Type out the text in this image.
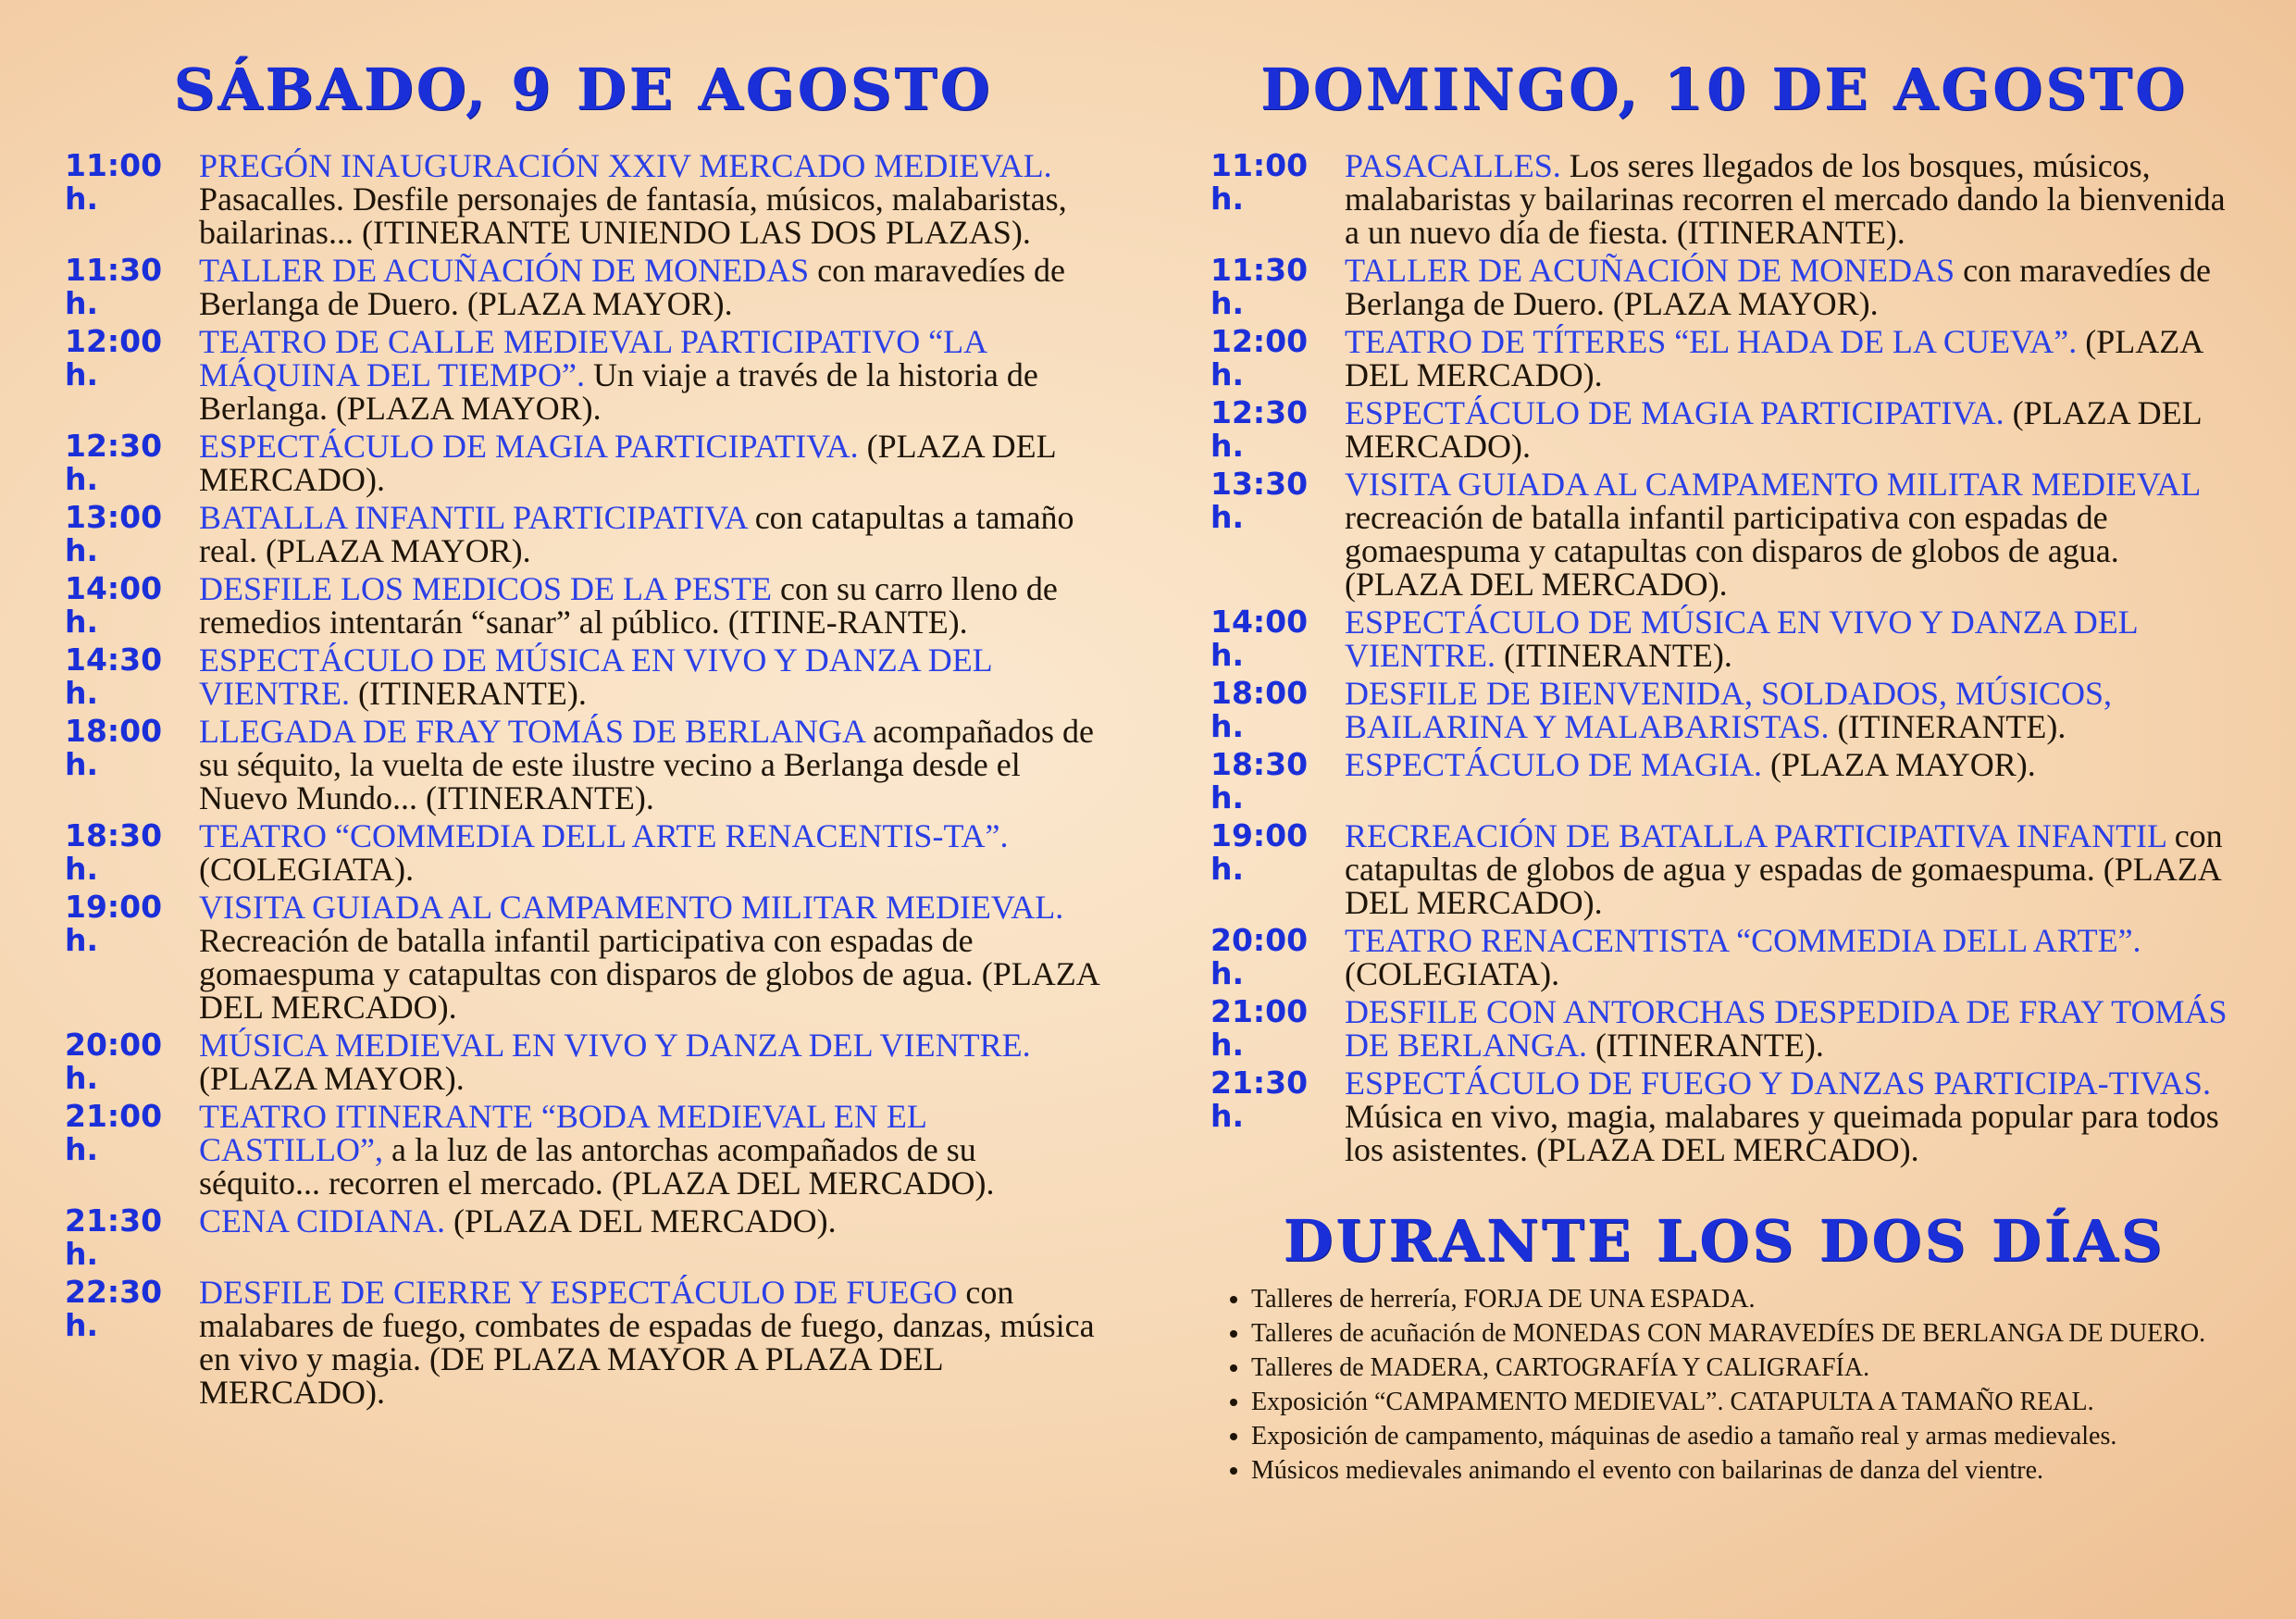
SÁBADO, 9 DE AGOSTO
11:00 h.
PREGÓN INAUGURACIÓN XXIV MERCADO MEDIEVAL. Pasacalles. Desfile personajes de fantasía, músicos, malabaristas, bailarinas... (ITINERANTE UNIENDO LAS DOS PLAZAS).
11:30 h.
TALLER DE ACUÑACIÓN DE MONEDAS con maravedíes de Berlanga de Duero. (PLAZA MAYOR).
12:00 h.
TEATRO DE CALLE MEDIEVAL PARTICIPATIVO “LA MÁQUINA DEL TIEMPO”. Un viaje a través de la historia de Berlanga. (PLAZA MAYOR).
12:30 h.
ESPECTÁCULO DE MAGIA PARTICIPATIVA. (PLAZA DEL MERCADO).
13:00 h.
BATALLA INFANTIL PARTICIPATIVA con catapultas a tamaño real. (PLAZA MAYOR).
14:00 h.
DESFILE LOS MEDICOS DE LA PESTE con su carro lleno de remedios intentarán “sanar” al público. (ITINE-RANTE).
14:30 h.
ESPECTÁCULO DE MÚSICA EN VIVO Y DANZA DEL VIENTRE. (ITINERANTE).
18:00 h.
LLEGADA DE FRAY TOMÁS DE BERLANGA acompañados de su séquito, la vuelta de este ilustre vecino a Berlanga desde el Nuevo Mundo... (ITINERANTE).
18:30 h.
TEATRO “COMMEDIA DELL ARTE RENACENTIS-TA”. (COLEGIATA).
19:00 h.
VISITA GUIADA AL CAMPAMENTO MILITAR MEDIEVAL. Recreación de batalla infantil participativa con espadas de gomaespuma y catapultas con disparos de globos de agua. (PLAZA DEL MERCADO).
20:00 h.
MÚSICA MEDIEVAL EN VIVO Y DANZA DEL VIENTRE. (PLAZA MAYOR).
21:00 h.
TEATRO ITINERANTE “BODA MEDIEVAL EN EL CASTILLO”, a la luz de las antorchas acompañados de su séquito... recorren el mercado. (PLAZA DEL MERCADO).
21:30 h.
CENA CIDIANA. (PLAZA DEL MERCADO).
22:30 h.
DESFILE DE CIERRE Y ESPECTÁCULO DE FUEGO con malabares de fuego, combates de espadas de fuego, danzas, música en vivo y magia. (DE PLAZA MAYOR A PLAZA DEL MERCADO).
DOMINGO, 10 DE AGOSTO
11:00 h.
PASACALLES. Los seres llegados de los bosques, músicos, malabaristas y bailarinas recorren el mercado dando la bienvenida a un nuevo día de fiesta. (ITINERANTE).
11:30 h.
TALLER DE ACUÑACIÓN DE MONEDAS con maravedíes de Berlanga de Duero. (PLAZA MAYOR).
12:00 h.
TEATRO DE TÍTERES “EL HADA DE LA CUEVA”. (PLAZA DEL MERCADO).
12:30 h.
ESPECTÁCULO DE MAGIA PARTICIPATIVA. (PLAZA DEL MERCADO).
13:30 h.
VISITA GUIADA AL CAMPAMENTO MILITAR MEDIEVAL recreación de batalla infantil participativa con espadas de gomaespuma y catapultas con disparos de globos de agua. (PLAZA DEL MERCADO).
14:00 h.
ESPECTÁCULO DE MÚSICA EN VIVO Y DANZA DEL VIENTRE. (ITINERANTE).
18:00 h.
DESFILE DE BIENVENIDA, SOLDADOS, MÚSICOS, BAILARINA Y MALABARISTAS. (ITINERANTE).
18:30 h.
ESPECTÁCULO DE MAGIA. (PLAZA MAYOR).
19:00 h.
RECREACIÓN DE BATALLA PARTICIPATIVA INFANTIL con catapultas de globos de agua y espadas de gomaespuma. (PLAZA DEL MERCADO).
20:00 h.
TEATRO RENACENTISTA “COMMEDIA DELL ARTE”. (COLEGIATA).
21:00 h.
DESFILE CON ANTORCHAS DESPEDIDA DE FRAY TOMÁS DE BERLANGA. (ITINERANTE).
21:30 h.
ESPECTÁCULO DE FUEGO Y DANZAS PARTICIPA-TIVAS. Música en vivo, magia, malabares y queimada popular para todos los asistentes. (PLAZA DEL MERCADO).
DURANTE LOS DOS DÍAS
• Talleres de herrería, FORJA DE UNA ESPADA.
• Talleres de acuñación de MONEDAS CON MARAVEDÍES DE BERLANGA DE DUERO.
• Talleres de MADERA, CARTOGRAFÍA Y CALIGRAFÍA.
• Exposición “CAMPAMENTO MEDIEVAL”. CATAPULTA A TAMAÑO REAL.
• Exposición de campamento, máquinas de asedio a tamaño real y armas medievales.
• Músicos medievales animando el evento con bailarinas de danza del vientre.
